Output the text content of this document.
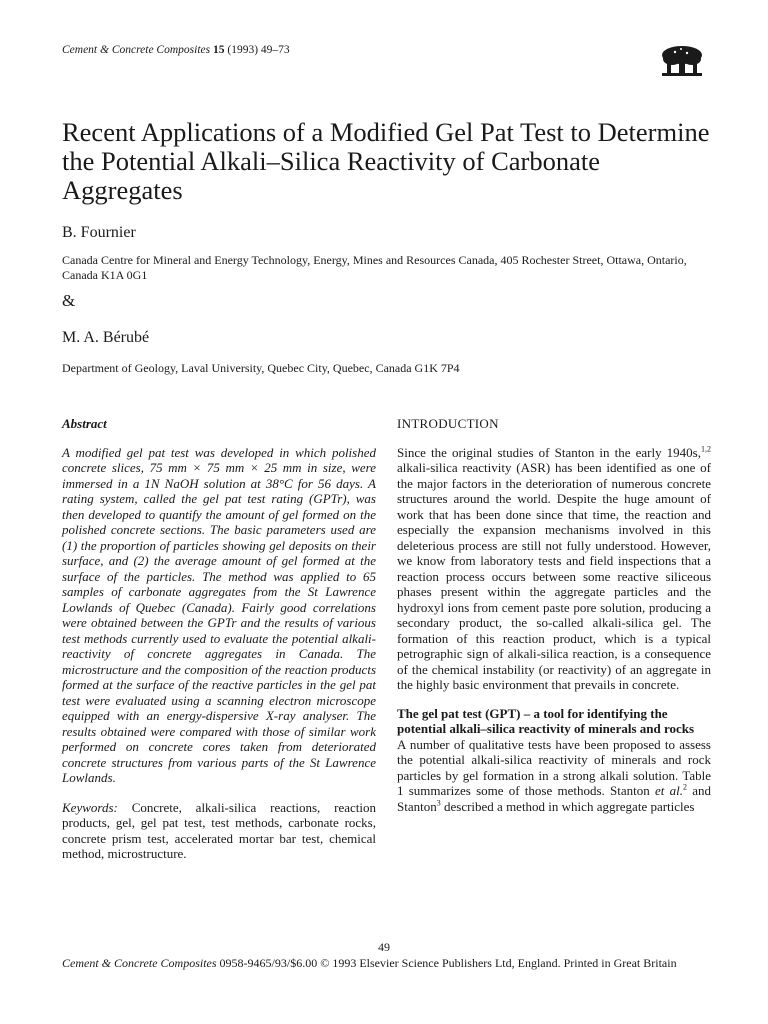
Cement & Concrete Composites 15 (1993) 49–73
Recent Applications of a Modified Gel Pat Test to Determine the Potential Alkali–Silica Reactivity of Carbonate Aggregates
B. Fournier
Canada Centre for Mineral and Energy Technology, Energy, Mines and Resources Canada, 405 Rochester Street, Ottawa, Ontario, Canada K1A 0G1
&
M. A. Bérubé
Department of Geology, Laval University, Quebec City, Quebec, Canada G1K 7P4
Abstract

A modified gel pat test was developed in which polished concrete slices, 75 mm × 75 mm × 25 mm in size, were immersed in a 1N NaOH solution at 38°C for 56 days. A rating system, called the gel pat test rating (GPTr), was then developed to quantify the amount of gel formed on the polished concrete sections. The basic parameters used are (1) the proportion of particles showing gel deposits on their surface, and (2) the average amount of gel formed at the surface of the particles. The method was applied to 65 samples of carbonate aggregates from the St Lawrence Lowlands of Quebec (Canada). Fairly good correlations were obtained between the GPTr and the results of various test methods currently used to evaluate the potential alkali-reactivity of concrete aggregates in Canada. The microstructure and the composition of the reaction products formed at the surface of the reactive particles in the gel pat test were evaluated using a scanning electron microscope equipped with an energy-dispersive X-ray analyser. The results obtained were compared with those of similar work performed on concrete cores taken from deteriorated concrete structures from various parts of the St Lawrence Lowlands.

Keywords: Concrete, alkali-silica reactions, reaction products, gel, gel pat test, test methods, carbonate rocks, concrete prism test, accelerated mortar bar test, chemical method, microstructure.

INTRODUCTION

Since the original studies of Stanton in the early 1940s,$^{1,2}$ alkali-silica reactivity (ASR) has been identified as one of the major factors in the deterioration of numerous concrete structures around the world. Despite the huge amount of work that has been done since that time, the reaction and especially the expansion mechanisms involved in this deleterious process are still not fully understood. However, we know from laboratory tests and field inspections that a reaction process occurs between some reactive siliceous phases present within the aggregate particles and the hydroxyl ions from cement paste pore solution, producing a secondary product, the so-called alkali-silica gel. The formation of this reaction product, which is a typical petrographic sign of alkali-silica reaction, is a consequence of the chemical instability (or reactivity) of an aggregate in the highly basic environment that prevails in concrete.

The gel pat test (GPT) – a tool for identifying the potential alkali–silica reactivity of minerals and rocks

A number of qualitative tests have been proposed to assess the potential alkali-silica reactivity of minerals and rock particles by gel formation in a strong alkali solution. Table 1 summarizes some of those methods. Stanton et al.$^2$ and Stanton$^3$ described a method in which aggregate particles

49
Cement & Concrete Composites 0958-9465/93/$6.00 © 1993 Elsevier Science Publishers Ltd, England. Printed in Great Britain
